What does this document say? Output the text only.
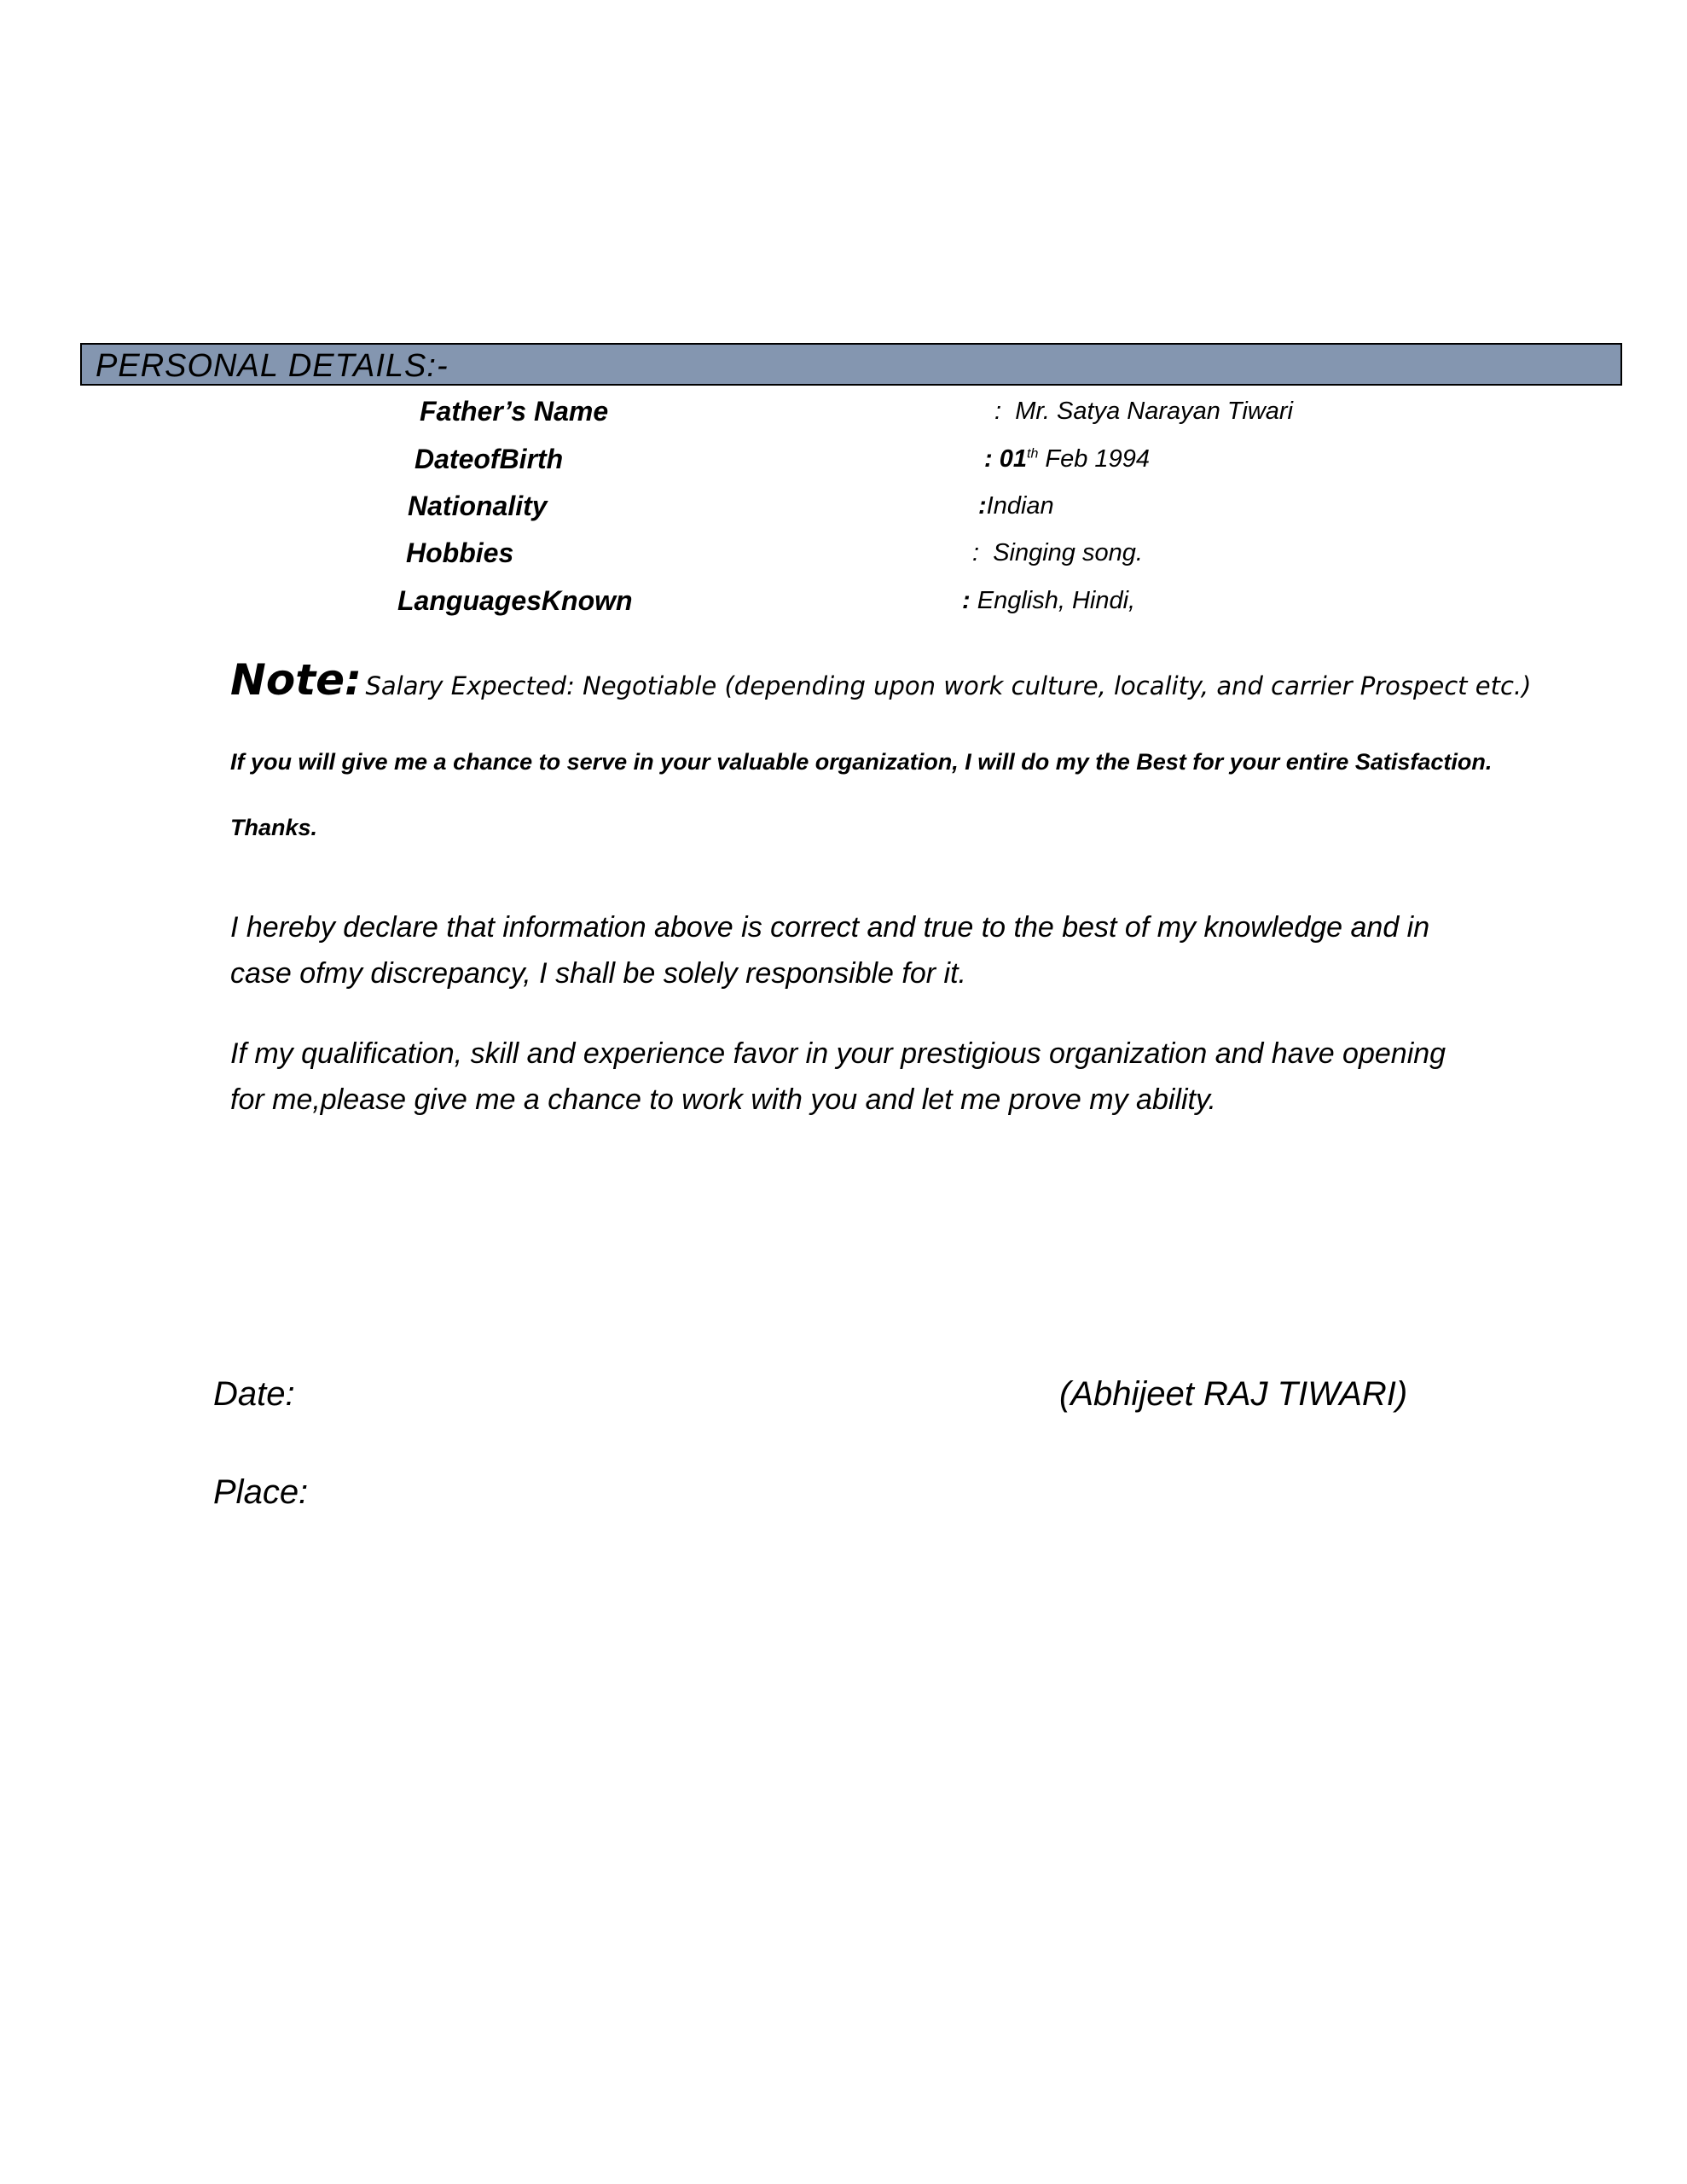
PERSONAL DETAILS:-
Father’s Name	: Mr. Satya Narayan Tiwari
DateofBirth	: 01th Feb 1994
Nationality	:Indian
Hobbies	: Singing song.
LanguagesKnown	: English, Hindi,
Note: Salary Expected: Negotiable (depending upon work culture, locality, and carrier Prospect etc.)
If you will give me a chance to serve in your valuable organization, I will do my the Best for your entire Satisfaction.
Thanks.
I hereby declare that information above is correct and true to the best of my knowledge and in
case ofmy discrepancy, I shall be solely responsible for it.
If my qualification, skill and experience favor in your prestigious organization and have opening
for me,please give me a chance to work with you and let me prove my ability.
Date:	(Abhijeet RAJ TIWARI)
Place:
